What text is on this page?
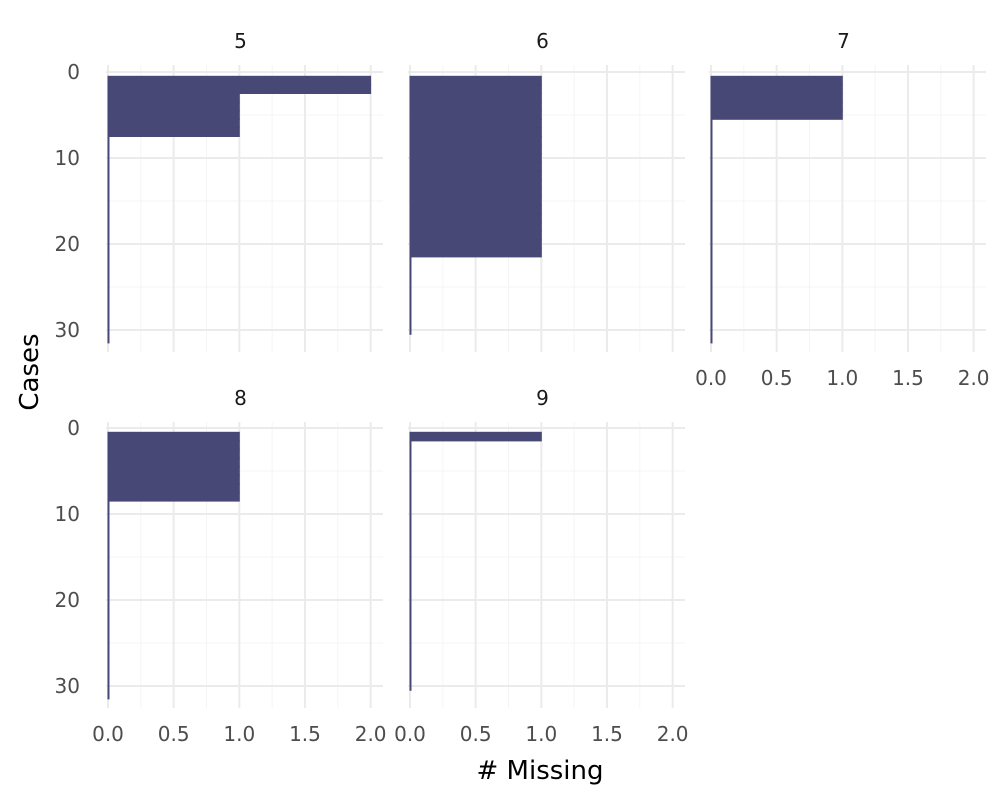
5
0
10
20
30
6	7
0.0 0.5 1.0 1.5 2.0
8
0
10
20
30
0.0 0.5 1.0 1.5 2.0
9
0.0 0.5 1.0 1.5 2.0
# Missing
Cases
